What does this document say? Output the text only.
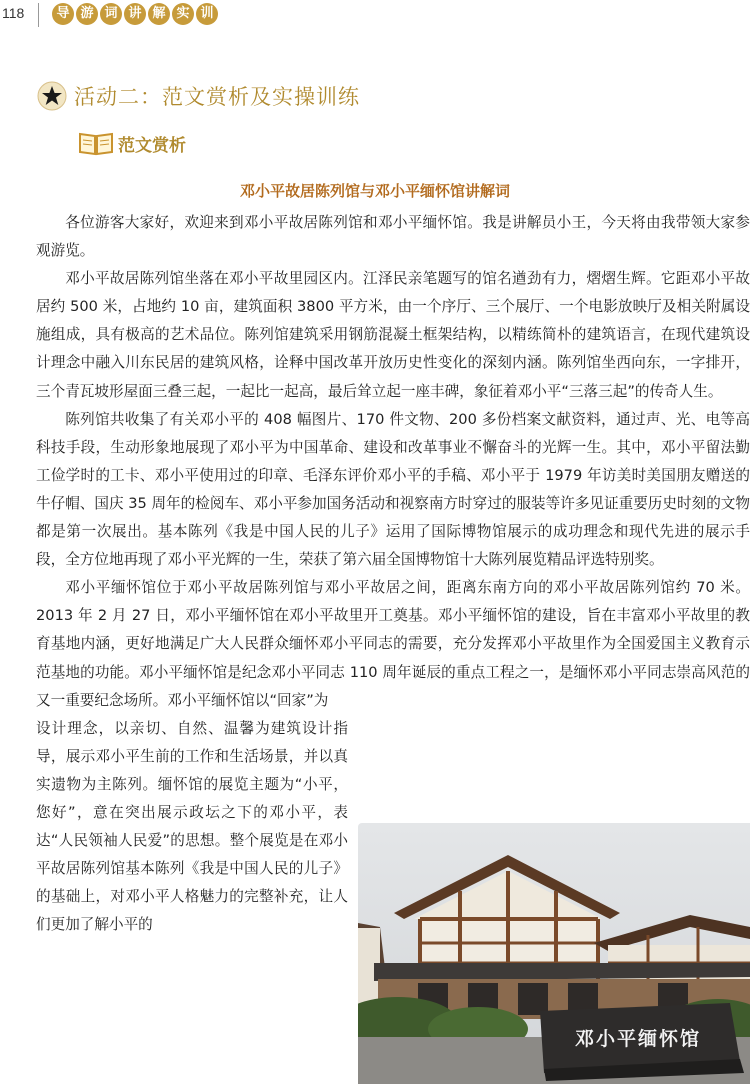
118	导 游 词 讲 解 实 训
活动二：范文赏析及实操训练
范文赏析
邓小平故居陈列馆与邓小平缅怀馆讲解词

各位游客大家好，欢迎来到邓小平故居陈列馆和邓小平缅怀馆。我是讲解员小王，今天将由我带领大家参观游览。

邓小平故居陈列馆坐落在邓小平故里园区内。江泽民亲笔题写的馆名遒劲有力，熠熠生辉。它距邓小平故居约 500 米，占地约 10 亩，建筑面积 3800 平方米，由一个序厅、三个展厅、一个电影放映厅及相关附属设施组成，具有极高的艺术品位。陈列馆建筑采用钢筋混凝土框架结构，以精练简朴的建筑语言，在现代建筑设计理念中融入川东民居的建筑风格，诠释中国改革开放历史性变化的深刻内涵。陈列馆坐西向东，一字排开，三个青瓦坡形屋面三叠三起，一起比一起高，最后耸立起一座丰碑，象征着邓小平“三落三起”的传奇人生。

陈列馆共收集了有关邓小平的 408 幅图片、170 件文物、200 多份档案文献资料，通过声、光、电等高科技手段，生动形象地展现了邓小平为中国革命、建设和改革事业不懈奋斗的光辉一生。其中，邓小平留法勤工俭学时的工卡、邓小平使用过的印章、毛泽东评价邓小平的手稿、邓小平于 1979 年访美时美国朋友赠送的牛仔帽、国庆 35 周年的检阅车、邓小平参加国务活动和视察南方时穿过的服装等许多见证重要历史时刻的文物都是第一次展出。基本陈列《我是中国人民的儿子》运用了国际博物馆展示的成功理念和现代先进的展示手段，全方位地再现了邓小平光辉的一生，荣获了第六届全国博物馆十大陈列展览精品评选特别奖。

邓小平缅怀馆位于邓小平故居陈列馆与邓小平故居之间，距离东南方向的邓小平故居陈列馆约 70 米。2013 年 2 月 27 日，邓小平缅怀馆在邓小平故里开工奠基。邓小平缅怀馆的建设，旨在丰富邓小平故里的教育基地内涵，更好地满足广大人民群众缅怀邓小平同志的需要，充分发挥邓小平故里作为全国爱国主义教育示范基地的功能。邓小平缅怀馆是纪念邓小平同志 110 周年诞辰的重点工程之一，是缅怀邓小平同志崇高风范的又一重要纪念场所。邓小平缅怀馆以“回家”为

设计理念，以亲切、自然、温馨为建筑设计指导，展示邓小平生前的工作和生活场景，并以真实遗物为主陈列。缅怀馆的展览主题为“小平，您好”，意在突出展示政坛之下的邓小平，表达“人民领袖人民爱”的思想。整个展览是在邓小平故居陈列馆基本陈列《我是中国人民的儿子》的基础上，对邓小平人格魅力的完整补充，让人们更加了解小平的

邓小平缅怀馆
